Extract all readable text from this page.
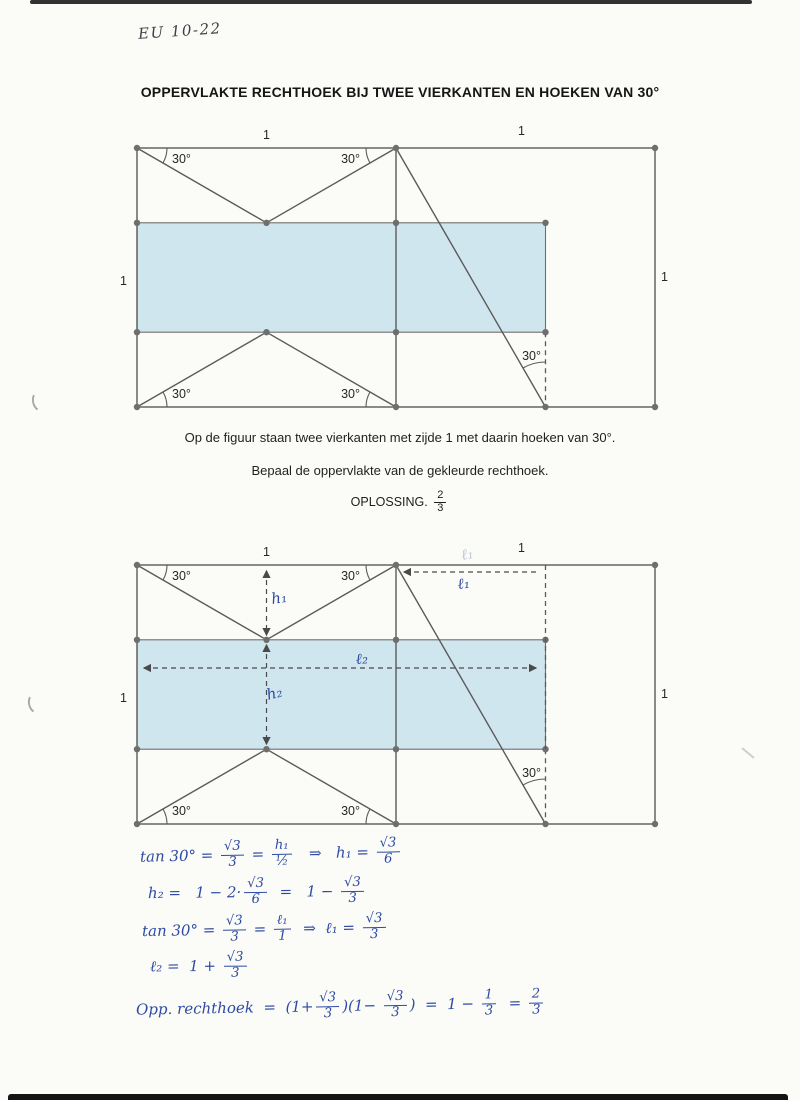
EU 10-22
OPPERVLAKTE RECHTHOEK BIJ TWEE VIERKANTEN EN HOEKEN VAN 30°
1	1
1	1
30°	30°
30°	30°
30°
h₁
h₂
ℓ₂
ℓ₁
ℓ₁

Op de figuur staan twee vierkanten met zijde 1 met daarin hoeken van 30°.

Bepaal de oppervlakte van de gekleurde rechthoek.

OPLOSSING. $\frac{2}{3}$
$\tan 30^\circ = \frac{√3}{3} = \frac{\text{h₁}}{\text{½}}$ ⇒   $h_1 = \frac{√3}{6}$
$h_2 = 1 - 2\cdot \frac{√3}{6} = 1 - \frac{√3}{3}$
$\tan 30^\circ = \frac{√3}{3} = \frac{\text{ℓ₁}}{1}$ ⇒  ℓ₁ = $\frac{√3}{3}$
ℓ₂ =  $1 + \frac{√3}{3}$
Opp. rechthoek  =  $(1+ \frac{√3}{3} )(1- \frac{√3}{3}$ )  =  $1 - \frac{1}{3} = \frac{2}{3}$
